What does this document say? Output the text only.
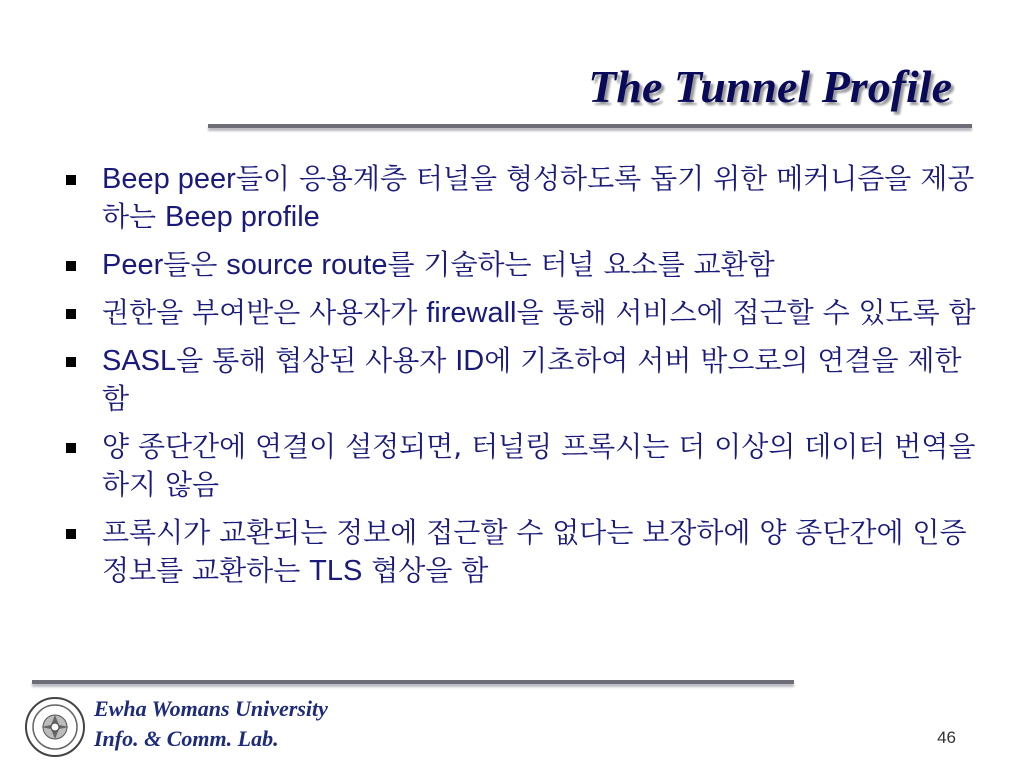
The Tunnel Profile
Beep peer들이 응용계층 터널을 형성하도록 돕기 위한 메커니즘을 제공하는 Beep profile
Peer들은 source route를 기술하는 터널 요소를 교환함
권한을 부여받은 사용자가 firewall을 통해 서비스에 접근할 수 있도록 함
SASL을 통해 협상된 사용자 ID에 기초하여 서버 밖으로의 연결을 제한함
양 종단간에 연결이 설정되면, 터널링 프록시는 더 이상의 데이터 번역을 하지 않음
프록시가 교환되는 정보에 접근할 수 없다는 보장하에 양 종단간에 인증 정보를 교환하는 TLS 협상을 함
Ewha Womans University
Info. & Comm. Lab.	46
